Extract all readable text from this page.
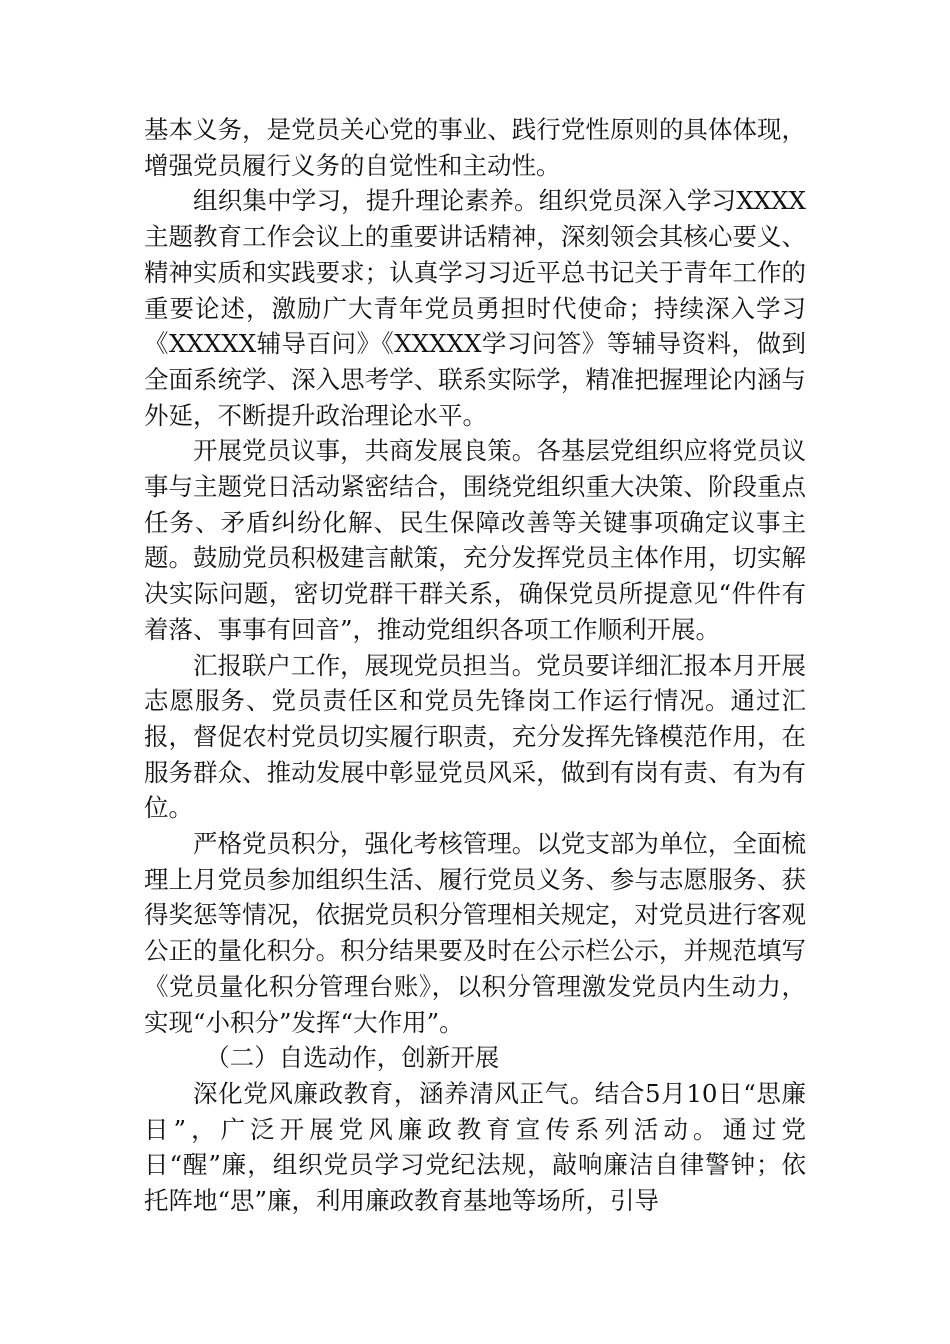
基本义务，是党员关心党的事业、践行党性原则的具体体现，增强党员履行义务的自觉性和主动性。

组织集中学习，提升理论素养。组织党员深入学习XXXX主题教育工作会议上的重要讲话精神，深刻领会其核心要义、精神实质和实践要求；认真学习习近平总书记关于青年工作的重要论述，激励广大青年党员勇担时代使命；持续深入学习《XXXXX辅导百问》《XXXXX学习问答》等辅导资料，做到全面系统学、深入思考学、联系实际学，精准把握理论内涵与外延，不断提升政治理论水平。

开展党员议事，共商发展良策。各基层党组织应将党员议事与主题党日活动紧密结合，围绕党组织重大决策、阶段重点任务、矛盾纠纷化解、民生保障改善等关键事项确定议事主题。鼓励党员积极建言献策，充分发挥党员主体作用，切实解决实际问题，密切党群干群关系，确保党员所提意见“件件有着落、事事有回音”，推动党组织各项工作顺利开展。

汇报联户工作，展现党员担当。党员要详细汇报本月开展志愿服务、党员责任区和党员先锋岗工作运行情况。通过汇报，督促农村党员切实履行职责，充分发挥先锋模范作用，在服务群众、推动发展中彰显党员风采，做到有岗有责、有为有位。

严格党员积分，强化考核管理。以党支部为单位，全面梳理上月党员参加组织生活、履行党员义务、参与志愿服务、获得奖惩等情况，依据党员积分管理相关规定，对党员进行客观公正的量化积分。积分结果要及时在公示栏公示，并规范填写《党员量化积分管理台账》，以积分管理激发党员内生动力，实现“小积分”发挥“大作用”。

（二）自选动作，创新开展

深化党风廉政教育，涵养清风正气。结合5月10日“思廉日”，广泛开展党风廉政教育宣传系列活动。通过党日“醒”廉，组织党员学习党纪法规，敲响廉洁自律警钟；依托阵地“思”廉，利用廉政教育基地等场所，引导
